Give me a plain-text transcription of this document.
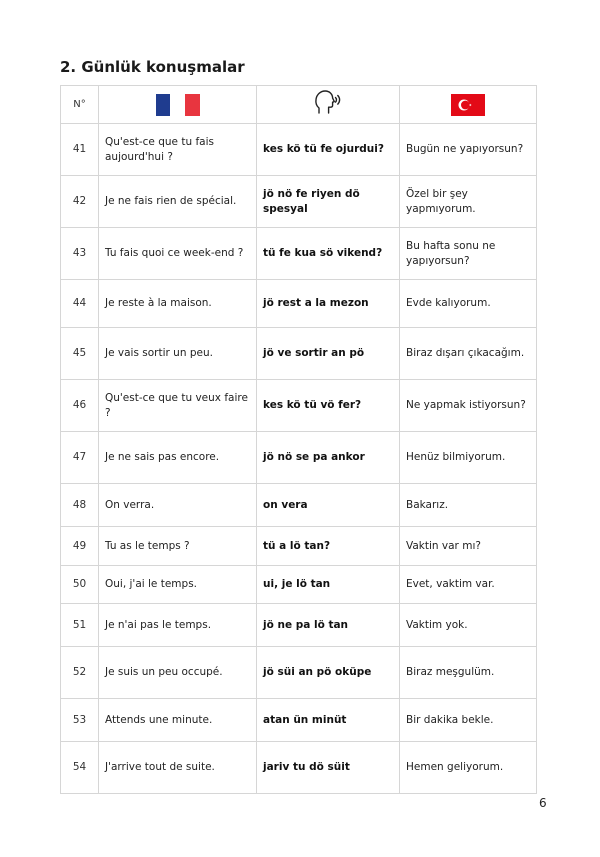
2. Günlük konuşmalar
N°	

41	Qu'est-ce que tu fais aujourd'hui ?	kes kö tü fe ojurdui?	Bugün ne yapıyorsun?
42	Je ne fais rien de spécial.	jö nö fe riyen dö spesyal	Özel bir şey yapmıyorum.
43	Tu fais quoi ce week-end ?	tü fe kua sö vikend?	Bu hafta sonu ne yapıyorsun?
44	Je reste à la maison.	jö rest a la mezon	Evde kalıyorum.
45	Je vais sortir un peu.	jö ve sortir an pö	Biraz dışarı çıkacağım.
46	Qu'est-ce que tu veux faire ?	kes kö tü vö fer?	Ne yapmak istiyorsun?
47	Je ne sais pas encore.	jö nö se pa ankor	Henüz bilmiyorum.
48	On verra.	on vera	Bakarız.
49	Tu as le temps ?	tü a lö tan?	Vaktin var mı?
50	Oui, j'ai le temps.	ui, je lö tan	Evet, vaktim var.
51	Je n'ai pas le temps.	jö ne pa lö tan	Vaktim yok.
52	Je suis un peu occupé.	jö süi an pö oküpe	Biraz meşgulüm.
53	Attends une minute.	atan ün minüt	Bir dakika bekle.
54	J'arrive tout de suite.	jariv tu dö süit	Hemen geliyorum.
6
